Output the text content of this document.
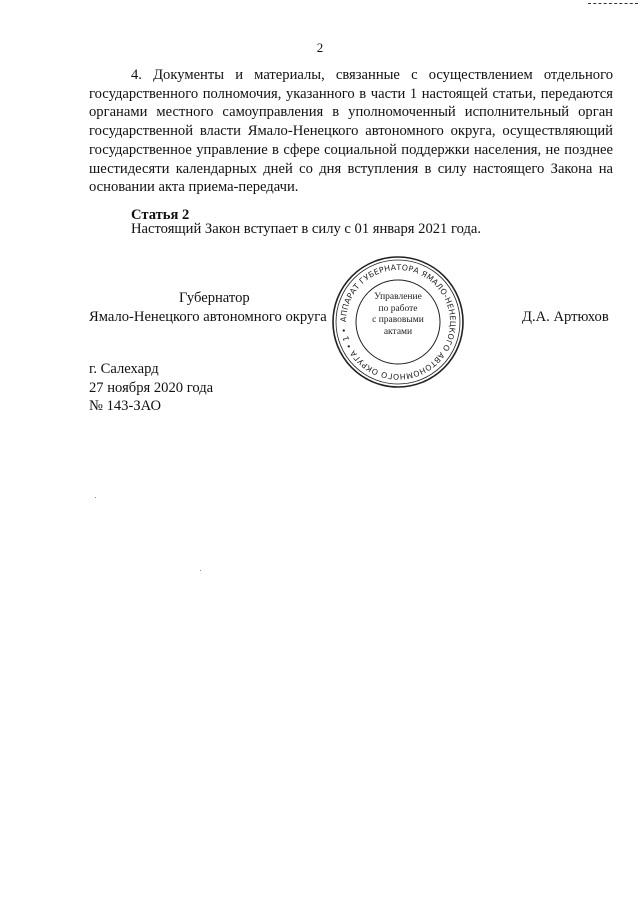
2
4. Документы и материалы, связанные с осуществлением отдельного государственного полномочия, указанного в части 1 настоящей статьи, передаются органами местного самоуправления в уполномоченный исполнительный орган государственной власти Ямало-Ненецкого автономного округа, осуществляющий государственное управление в сфере социальной поддержки населения, не позднее шестидесяти календарных дней со дня вступления в силу настоящего Закона на основании акта приема-передачи.
Статья 2
Настоящий Закон вступает в силу с 01 января 2021 года.
Губернатор
Ямало-Ненецкого автономного округа	Д.А. Артюхов
АППАРАТ ГУБЕРНАТОРА ЯМАЛО-НЕНЕЦКОГО АВТОНОМНОГО ОКРУГА • 1 •
Управление
по работе
с правовыми
актами
г. Салехард
27 ноября 2020 года
№ 143-ЗАО
